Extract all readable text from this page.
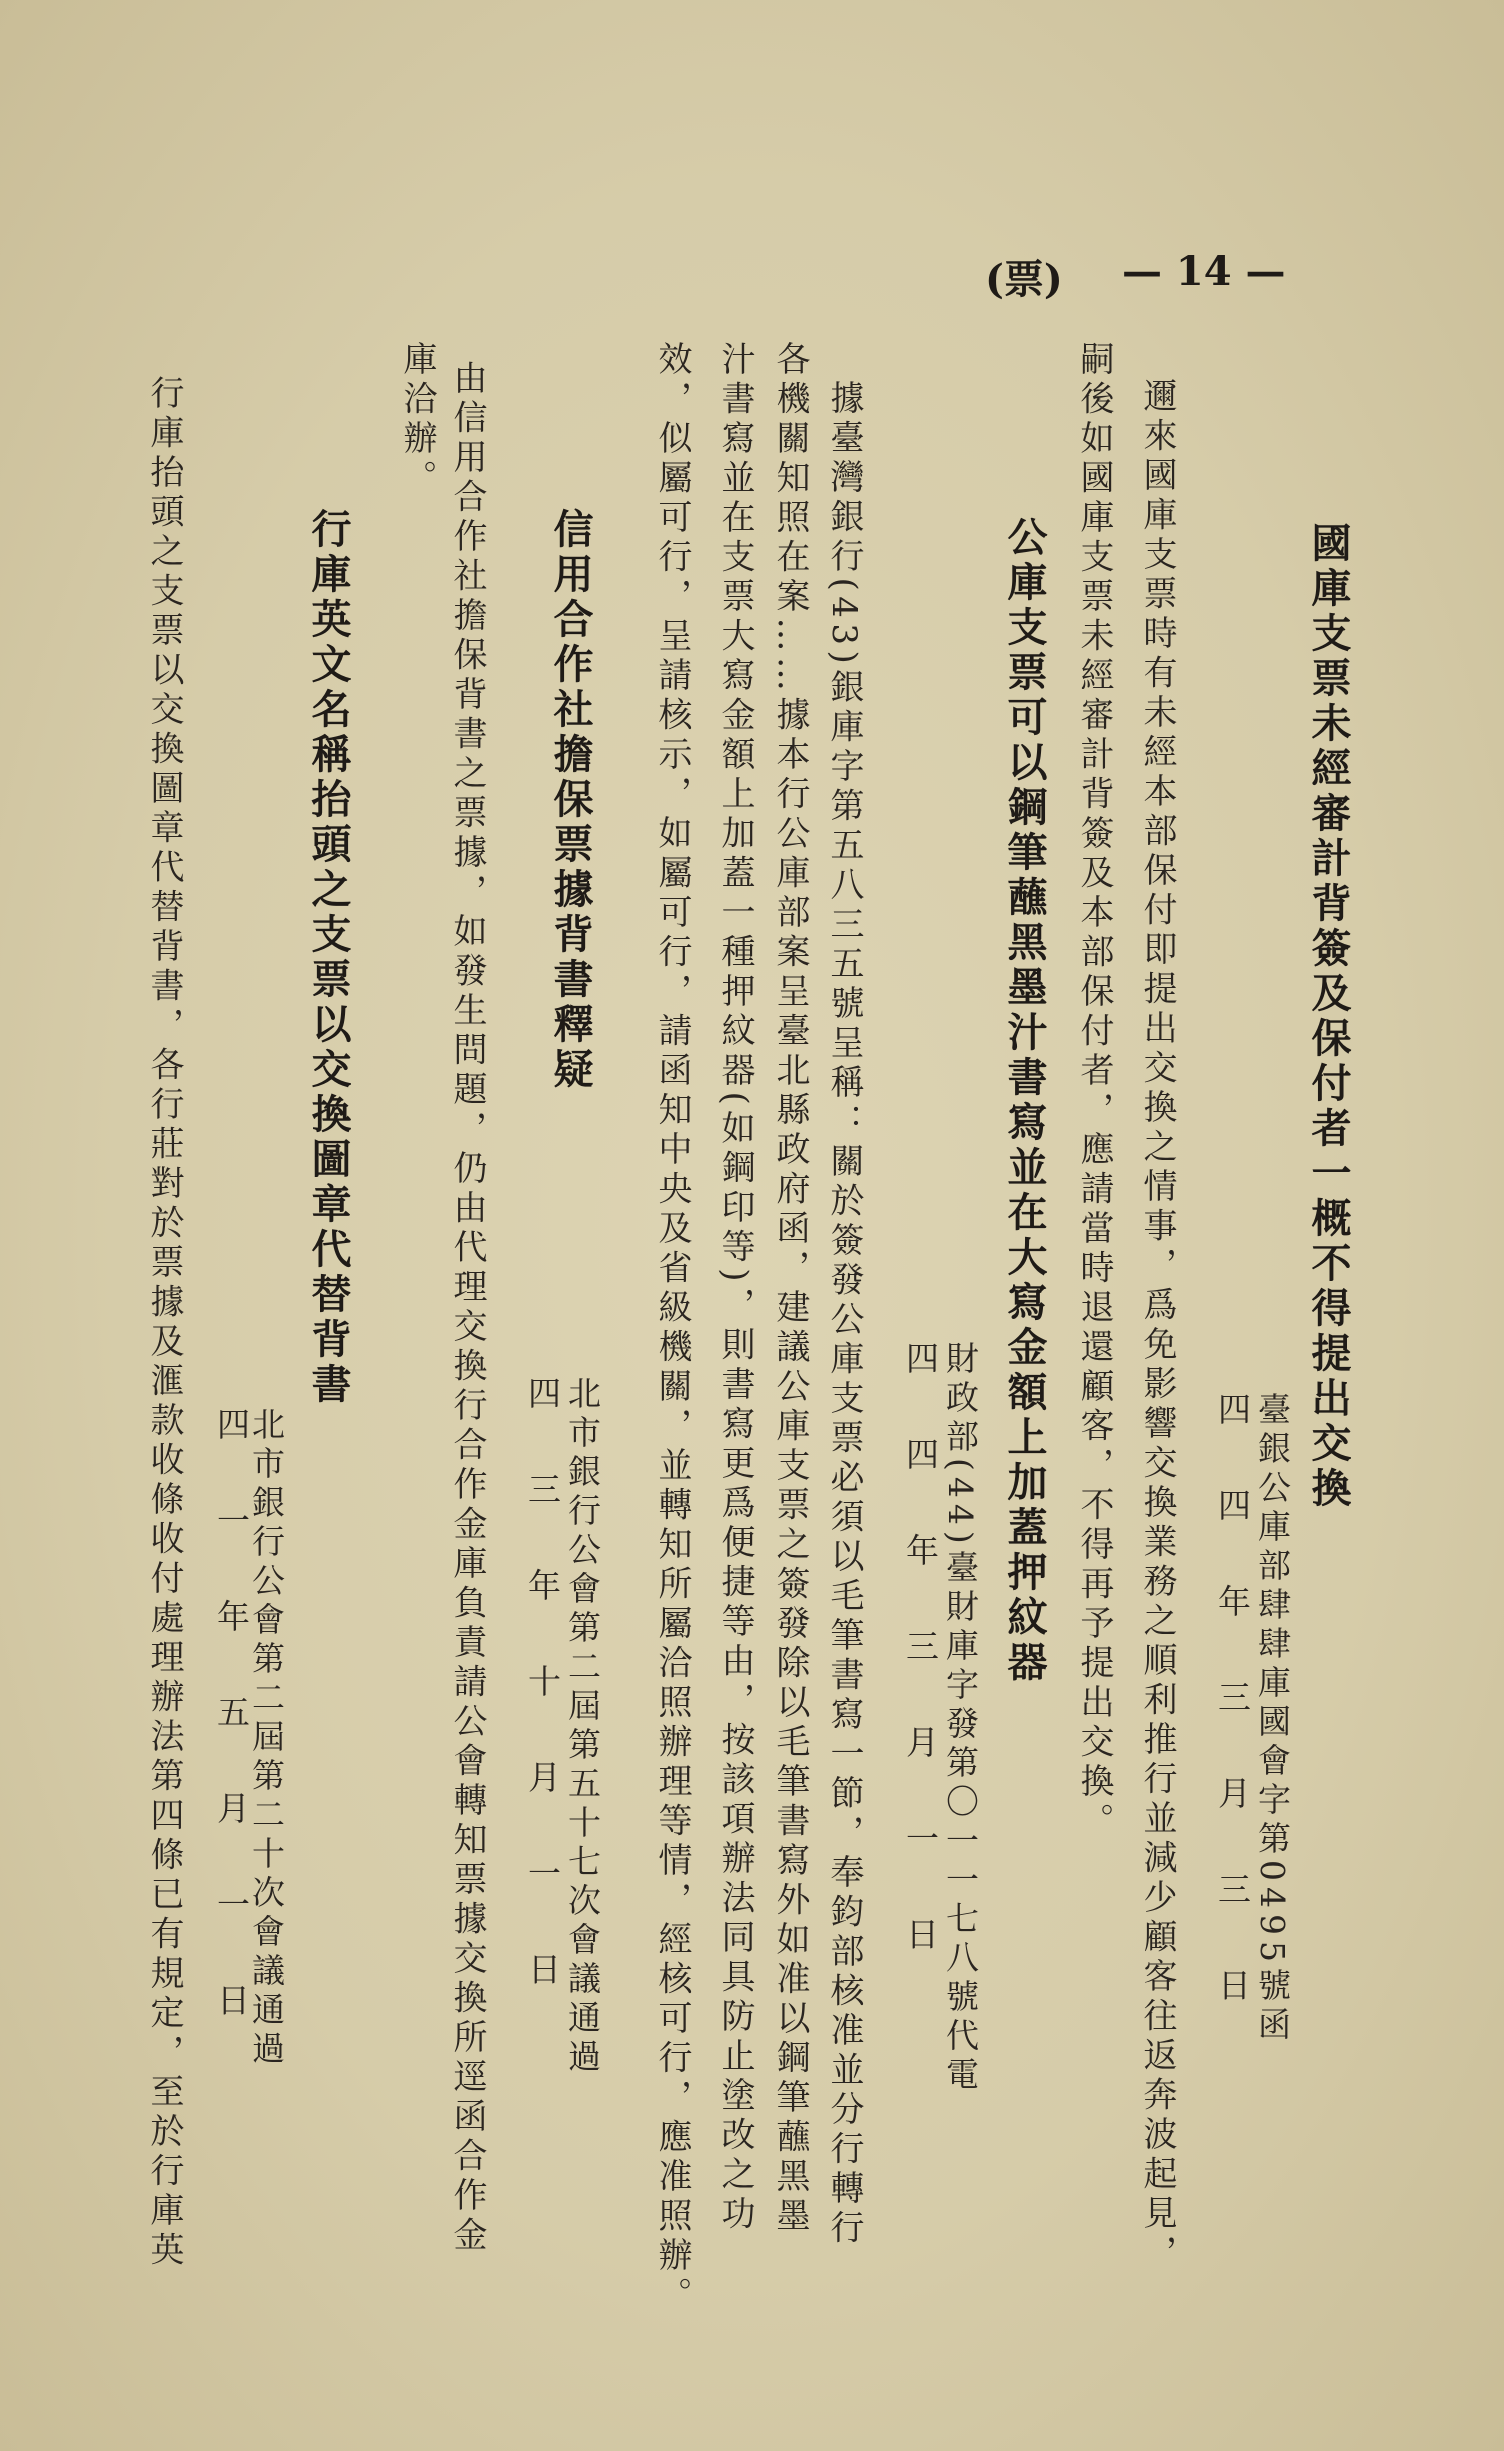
(票) — 14 —
國庫支票未經審計背簽及保付者一概不得提出交換
臺銀公庫部肆肆庫國會字第0495號函
四四年三月三日
邇來國庫支票時有未經本部保付即提出交換之情事，爲免影響交換業務之順利推行並減少顧客往返奔波起見，
嗣後如國庫支票未經審計背簽及本部保付者，應請當時退還顧客，不得再予提出交換。
公庫支票可以鋼筆蘸黑墨汁書寫並在大寫金額上加蓋押紋器
財政部(44)臺財庫字發第〇一一七八號代電
四四年三月一日
據臺灣銀行(43)銀庫字第五八三五號呈稱：關於簽發公庫支票必須以毛筆書寫一節，奉鈞部核准並分行轉行
各機關知照在案……據本行公庫部案呈臺北縣政府函，建議公庫支票之簽發除以毛筆書寫外如准以鋼筆蘸黑墨
汁書寫並在支票大寫金額上加蓋一種押紋器(如鋼印等)，則書寫更爲便捷等由，按該項辦法同具防止塗改之功
效，似屬可行，呈請核示，如屬可行，請函知中央及省級機關，並轉知所屬洽照辦理等情，經核可行，應准照辦。
信用合作社擔保票據背書釋疑
北市銀行公會第二屆第五十七次會議通過
四三年十月一日
由信用合作社擔保背書之票據，如發生問題，仍由代理交換行合作金庫負責請公會轉知票據交換所逕函合作金
庫洽辦。
行庫英文名稱抬頭之支票以交換圖章代替背書
北市銀行公會第二屆第二十次會議通過
四一年五月一日
行庫抬頭之支票以交換圖章代替背書，各行莊對於票據及滙款收條收付處理辦法第四條已有規定，至於行庫英
